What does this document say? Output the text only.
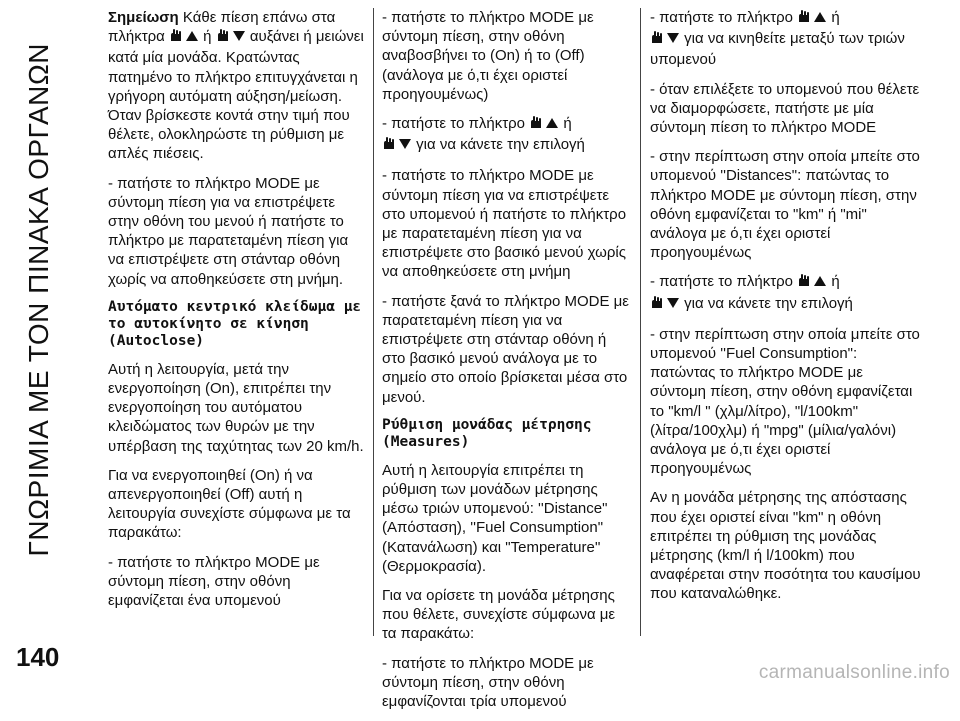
ΓΝΩΡΙΜΙΑ ΜΕ ΤΟΝ ΠΙΝΑΚΑ ΟΡΓΑΝΩΝ

Σημείωση Κάθε πίεση επάνω στα πλήκτρα	ή	αυξάνει ή μειώνει κατά μία μονάδα. Κρατώντας πατημένο το πλήκτρο επιτυγχάνεται η γρήγορη αυτόματη αύξηση/μείωση. Όταν βρίσκεστε κοντά στην τιμή που θέλετε, ολοκληρώστε τη ρύθμιση με απλές πιέσεις.

- πατήστε το πλήκτρο MODE με σύντομη πίεση για να επιστρέψετε στην οθόνη του μενού ή πατήστε το πλήκτρο με παρατεταμένη πίεση για να επιστρέψετε στη στάνταρ οθόνη χωρίς να αποθηκεύσετε στη μνήμη.

Αυτόματο κεντρικό κλείδωμα με το αυτοκίνητο σε κίνηση (Autoclose)

Αυτή η λειτουργία, μετά την ενεργοποίηση (On), επιτρέπει την ενεργοποίηση του αυτόματου κλειδώματος των θυρών με την υπέρβαση της ταχύτητας των 20 km/h.

Για να ενεργοποιηθεί (On) ή να απενεργοποιηθεί (Off) αυτή η λειτουργία συνεχίστε σύμφωνα με τα παρακάτω:

- πατήστε το πλήκτρο MODE με σύντομη πίεση, στην οθόνη εμφανίζεται ένα υπομενού

- πατήστε το πλήκτρο MODE με σύντομη πίεση, στην οθόνη αναβοσβήνει το (On) ή το (Off) (ανάλογα με ό,τι έχει οριστεί προηγουμένως)

- πατήστε το πλήκτρο	ή
για να κάνετε την επιλογή

- πατήστε το πλήκτρο MODE με σύντομη πίεση για να επιστρέψετε στο υπομενού ή πατήστε το πλήκτρο με παρατεταμένη πίεση για να επιστρέψετε στο βασικό μενού χωρίς να αποθηκεύσετε στη μνήμη

- πατήστε ξανά το πλήκτρο MODE με παρατεταμένη πίεση για να επιστρέψετε στη στάνταρ οθόνη ή στο βασικό μενού ανάλογα με το σημείο στο οποίο βρίσκεται μέσα στο μενού.

Ρύθμιση μονάδας μέτρησης (Measures)

Αυτή η λειτουργία επιτρέπει τη ρύθμιση των μονάδων μέτρησης μέσω τριών υπομενού: ''Distance" (Απόσταση), ''Fuel Consumption" (Κατανάλωση) και "Temperature'' (Θερμοκρασία).

Για να ορίσετε τη μονάδα μέτρησης που θέλετε, συνεχίστε σύμφωνα με τα παρακάτω:

- πατήστε το πλήκτρο MODE με σύντομη πίεση, στην οθόνη εμφανίζονται τρία υπομενού

- πατήστε το πλήκτρο	ή
για να κινηθείτε μεταξύ των τριών υπομενού

- όταν επιλέξετε το υπομενού που θέλετε να διαμορφώσετε, πατήστε με μία σύντομη πίεση το πλήκτρο MODE

- στην περίπτωση στην οποία μπείτε στο υπομενού ''Distances": πατώντας το πλήκτρο MODE με σύντομη πίεση, στην οθόνη εμφανίζεται το "km" ή "mi" ανάλογα με ό,τι έχει οριστεί προηγουμένως

- πατήστε το πλήκτρο	ή
για να κάνετε την επιλογή

- στην περίπτωση στην οποία μπείτε στο υπομενού ''Fuel Consumption": πατώντας το πλήκτρο MODE με σύντομη πίεση, στην οθόνη εμφανίζεται το "km/l " (χλμ/λίτρο), "l/100km" (λίτρα/100χλμ) ή "mpg" (μίλια/γαλόνι) ανάλογα με ό,τι έχει οριστεί προηγουμένως

Αν η μονάδα μέτρησης της απόστασης που έχει οριστεί είναι "km" η οθόνη επιτρέπει τη ρύθμιση της μονάδας μέτρησης (km/l ή l/100km) που αναφέρεται στην ποσότητα του καυσίμου που καταναλώθηκε.

140
carmanualsonline.info
